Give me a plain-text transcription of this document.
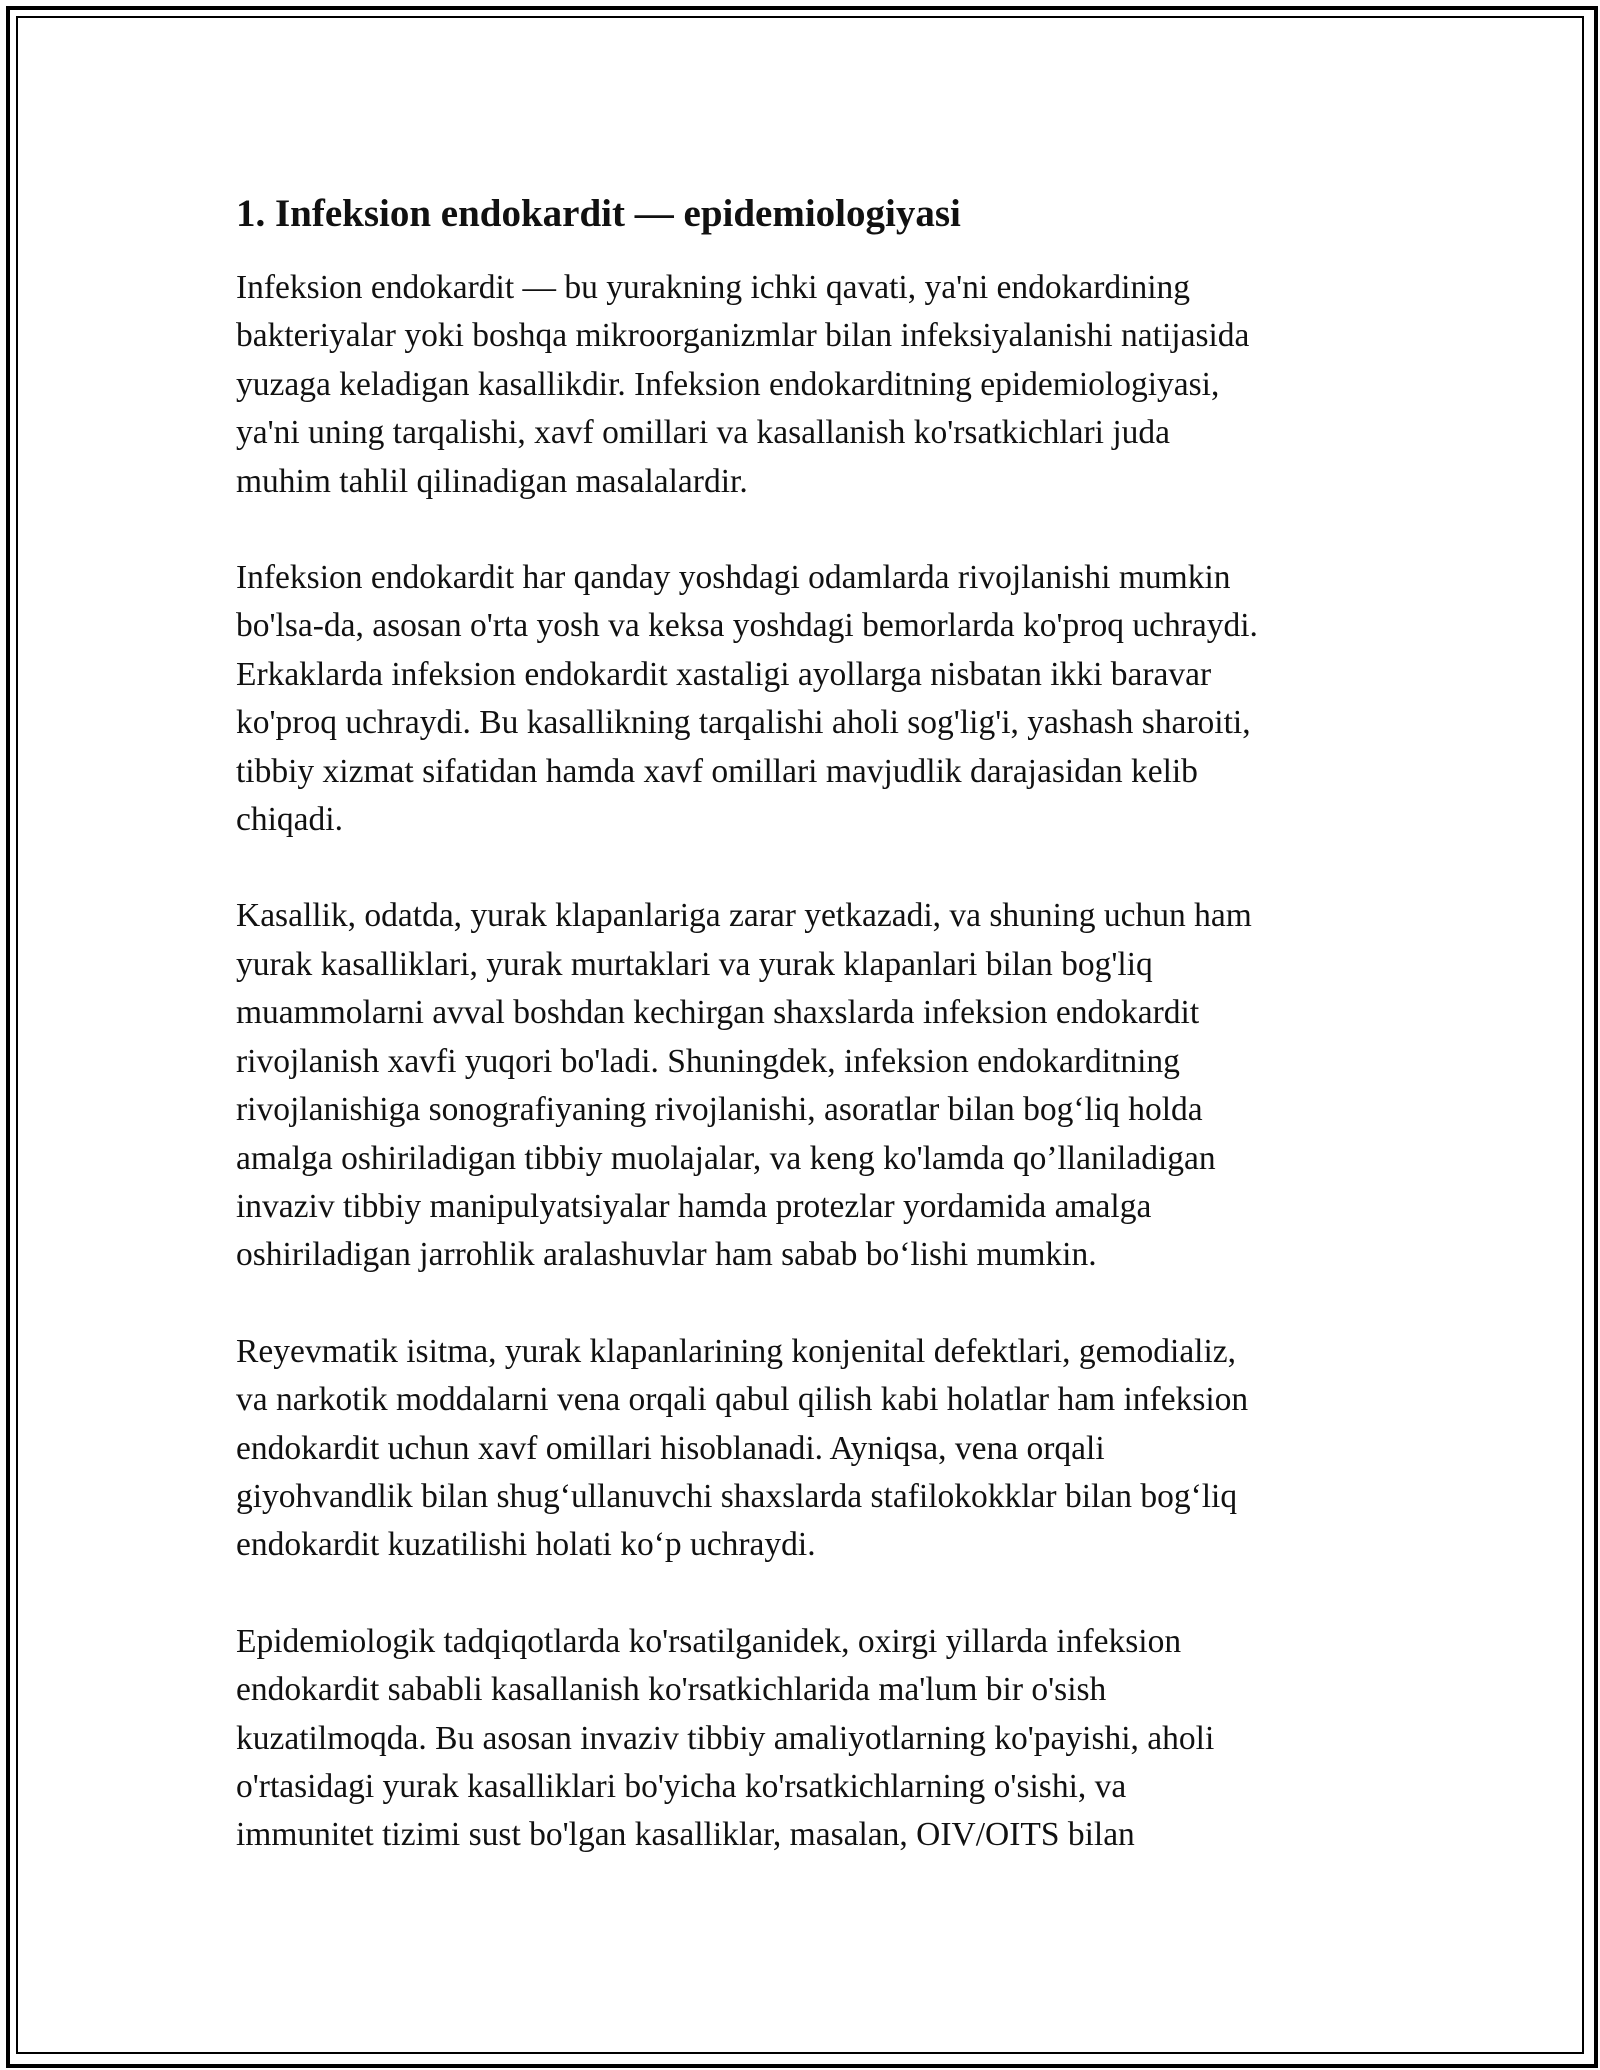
1. Infeksion endokardit — epidemiologiyasi

Infeksion endokardit — bu yurakning ichki qavati, ya'ni endokardining
bakteriyalar yoki boshqa mikroorganizmlar bilan infeksiyalanishi natijasida
yuzaga keladigan kasallikdir. Infeksion endokarditning epidemiologiyasi,
ya'ni uning tarqalishi, xavf omillari va kasallanish ko'rsatkichlari juda
muhim tahlil qilinadigan masalalardir.

Infeksion endokardit har qanday yoshdagi odamlarda rivojlanishi mumkin
bo'lsa-da, asosan o'rta yosh va keksa yoshdagi bemorlarda ko'proq uchraydi.
Erkaklarda infeksion endokardit xastaligi ayollarga nisbatan ikki baravar
ko'proq uchraydi. Bu kasallikning tarqalishi aholi sog'lig'i, yashash sharoiti,
tibbiy xizmat sifatidan hamda xavf omillari mavjudlik darajasidan kelib
chiqadi.

Kasallik, odatda, yurak klapanlariga zarar yetkazadi, va shuning uchun ham
yurak kasalliklari, yurak murtaklari va yurak klapanlari bilan bog'liq
muammolarni avval boshdan kechirgan shaxslarda infeksion endokardit
rivojlanish xavfi yuqori bo'ladi. Shuningdek, infeksion endokarditning
rivojlanishiga sonografiyaning rivojlanishi, asoratlar bilan bog‘liq holda
amalga oshiriladigan tibbiy muolajalar, va keng ko'lamda qo’llaniladigan
invaziv tibbiy manipulyatsiyalar hamda protezlar yordamida amalga
oshiriladigan jarrohlik aralashuvlar ham sabab bo‘lishi mumkin.

Reyevmatik isitma, yurak klapanlarining konjenital defektlari, gemodializ,
va narkotik moddalarni vena orqali qabul qilish kabi holatlar ham infeksion
endokardit uchun xavf omillari hisoblanadi. Ayniqsa, vena orqali
giyohvandlik bilan shug‘ullanuvchi shaxslarda stafilokokklar bilan bog‘liq
endokardit kuzatilishi holati ko‘p uchraydi.

Epidemiologik tadqiqotlarda ko'rsatilganidek, oxirgi yillarda infeksion
endokardit sababli kasallanish ko'rsatkichlarida ma'lum bir o'sish
kuzatilmoqda. Bu asosan invaziv tibbiy amaliyotlarning ko'payishi, aholi
o'rtasidagi yurak kasalliklari bo'yicha ko'rsatkichlarning o'sishi, va
immunitet tizimi sust bo'lgan kasalliklar, masalan, OIV/OITS bilan
